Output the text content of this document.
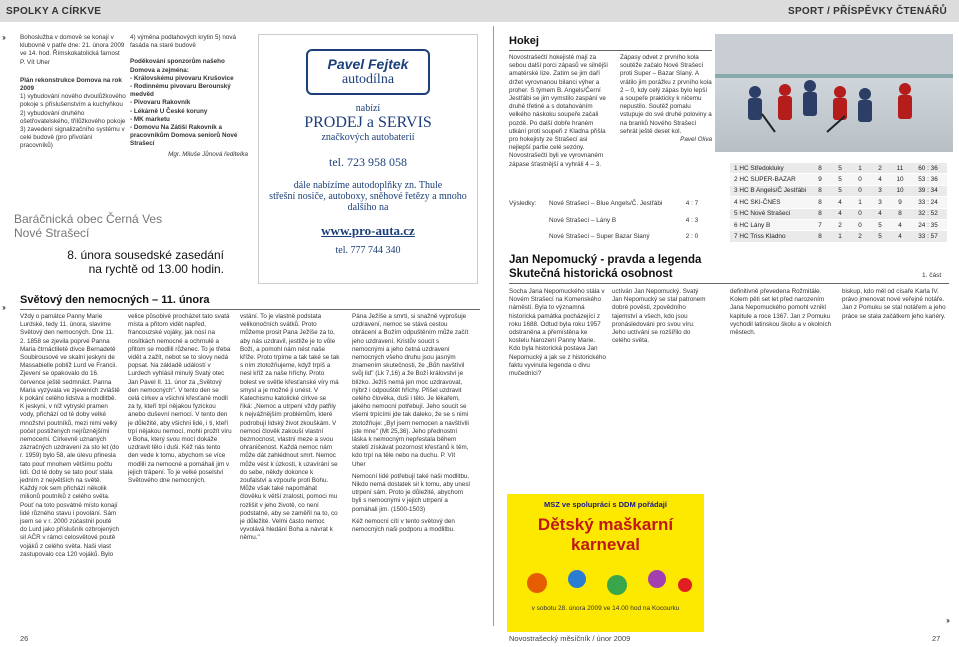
SPOLKY A CÍRKVE	SPORT / PŘÍSPĚVKY ČTENÁŘŮ
›››
›››
›››

Bohoslužba v domově se konají v klubovně v patře dne: 21. února 2009 ve 14. hod. Římskokatolická farnost P. Vít Uher

Plán rekonstrukce Domova na rok 2009

1) vybudování nového dvoulůžkového pokoje s příslušenstvím a kuchyňkou

2) vybudování druhého ošetřovatelského, třílůžkového pokoje

3) zavedení signalizačního systému v celé budově (pro přivolání pracovníků)

4) výměna podlahových krytin 5) nová fasáda na staré budově

Poděkování sponzorům našeho Domova a zejména:

- Královskému pivovaru Krušovice

- Rodinnému pivovaru Berounský medvěd

- Pivovaru Rakovník

- Lékárně U České koruny

- MK marketu

- Domovu Na Zátiší Rakovník a pracovníkům Domova seniorů Nové Strašecí

Mgr. Miluše Jůnová ředitelka

Baráčnická obec Černá Ves
Nové Strašecí
8. února sousedské zasedání
na rychtě od 13.00 hodin.
Pavel Fejtek
autodílna
nabízí
PRODEJ a SERVIS
značkových autobaterií
tel. 723 958 058
dále nabízíme autodoplňky zn. Thule
střešní nosiče, autoboxy, sněhové řetězy a mnoho dalšího na
www.pro-auta.cz
tel. 777 744 340
Světový den nemocných – 11. února

Vždy o památce Panny Marie Lurdské, tedy 11. února, slavíme Světový den nemocných. Dne 11. 2. 1858 se zjevila poprvé Panna Maria čtrnáctileté dívce Bernadetě Soubirousové ve skalní jeskyni de Massabielle poblíž Lurd ve Francii. Zjevení se opakovalo do 16. července ještě sedmnáct. Panna Maria vyzývala ve zjeveních zvláště k pokání celého lidstva a modlitbě. K jeskyni, v níž vytryskl pramen vody, přichází od té doby velké množství poutníků, mezi nimi velký počet postižených nejrůznějšími nemocemi. Církevně uznaných zázračných uzdravení za sto let (do r. 1959) bylo 58, ale úlevu přinesla tato pouť mnohem většímu počtu lidí. Od té doby se tato pouť stala jedním z největších na světě. Každý rok sem přichází několik milionů poutníků z celého světa. Pouť na toto posvátné místo konají lidé různého stavu i povolání. Sám jsem se v r. 2000 zúčastnil poutě do Lurd jako příslušník ozbrojených sil AČR v rámci celosvětové poutě vojáků z celého světa. Naši vlast zastupovalo cca 120 vojáků. Bylo

velice působivé procházet tato svatá místa a přitom vidět napřed, francouzské vojáky, jak nosí na nosítkách nemocné a ochrnulé a přitom se modlili růženec. To je třeba vidět a zažít, nebot se to slovy nedá popsat. Na základě událostí v Lurdech vyhlásil minulý Svatý otec Jan Pavel II. 11. únor za „Světový den nemocných". V tento den se celá církev a všichni křesťané modlí za ty, kteří trpí nějakou fyzickou anebo duševní nemocí. V tento den je důležité, aby všichni lidé, i ti, kteří trpí nějakou nemocí, mohli prožít víru v Boha, který svou mocí dokáže uzdravit tělo i duši. Kéž nás tento den vede k tomu, abychom se více modlili za nemocné a pomáhali jim v jejich trápení. To je velké poselství Světového dne nemocných.

vstání. To je vlastně podstata velikonočních svátků. Proto můžeme prosit Pana Ježíše za to, aby nás uzdravil, jestliže je to vůle Boží, a pomohl nám nést naše kříže. Proto trpíme a tak také se tak s ním ztotožňujeme, když trpíš a nesl kříž za naše hříchy. Proto bolest ve světle křesťanské víry má smysl a je možné ji unést. V Katechismu katolické církve se říká: „Nemoc a utrpení vždy patřily k nejvážnějším problémům, které podrobují lidský život zkouškám. V nemoci člověk zakouší vlastní bezmocnost, vlastní meze a svou ohraničenost. Každá nemoc nám může dát zahlédnout smrt. Nemoc může vést k úzkosti, k uzavírání se do sebe, někdy dokonce k zoufalství a vzpouře proti Bohu. Může však také napomáhat člověku k větší zralosti, pomoci mu rozlišit v jeho životě, co není podstatné, aby se zaměřil na to, co je důležité. Velmi často nemoc vyvolává hledání Boha a návrat k němu."

Pána Ježíše a smrti, si snažně vyprošuje uzdravení, nemoc se stává cestou obrácení a Božím odpuštěním může začít jeho uzdravení. Kristův soucit s nemocnými a jeho četná uzdravení nemocných všeho druhu jsou jasným znamením skutečnosti, že „Bůh navštívil svůj lid" (Lk 7,16) a že Boží království je blízko. Ježíš nemá jen moc uzdravovat, nýbrž i odpouštět hříchy. Přišel uzdravit celého člověka, duši i tělo. Je lékařem, jakého nemocní potřebují. Jeho soucit se všemi trpícími jde tak daleko, že se s nimi ztotožňuje: „Byl jsem nemocen a navštívili jste mne" (Mt 25,36). Jeho přednostní láska k nemocným nepřestala během staletí získávat pozornost křesťanů k těm, kdo trpí na těle nebo na duchu. P. Vít Uher

Nemocní lidé potřebují také naši modlitbu. Nikdo nemá dostatek sil k tomu, aby unesl utrpení sám. Proto je důležité, abychom byli s nemocnými v jejich utrpení a pomáhali jim. (1500-1503)

Kéž nemocní cítí v tento světový den nemocných naši podporu a modlitbu.

Hokej

Novostrašečtí hokejisté mají za sebou další porci zápasů ve silnější amatérské lize. Zatím se jim daří držet vyrovnanou bilanci výher a proher. S týmem B. Angels/Černí Jestřábi se jim vymstilo zaspání ve druhé třetině a s dotahováním velkého náskoku soupeře začali pozdě. Po další dobře hraném utkání proti soupeři z Kladna přišla pro hokejisty ze Strašecí asi nejlepší partie celé sezóny. Novostrašečtí byli ve vyrovnaném zápase šťastnější a vyhráli 4 – 3.

Zápasy odvet z prvního kola soutěže začalo Nové Strašecí proti Super – Bazar Slaný. A vrátilo jim porážku z prvního kola 2 – 0, kdy celý zápas bylo lepší a soupeře prakticky k ničemu nepustilo. Soutěž pomalu vstupuje do své druhé poloviny a na branků Nového Strašecí sehrát ještě deset kol.

Pavel Oliva

Výsledky:	Nové Strašecí – Blue Angels/Č. Jestřábi	4 : 7
Nové Strašecí – Lány B	4 : 3
Nové Strašecí – Super Bazar Slaný	2 : 0
1 HC Středokluky	8	5	1	2	11	60 : 36
2 HC SUPER-BAZAR	9	5	0	4	10	53 : 36
3 HC B Angels/Č Jestřábi	8	5	0	3	10	39 : 34
4 HC SKI-ČNES	8	4	1	3	9	33 : 24
5 HC Nové Strašecí	8	4	0	4	8	32 : 52
6 HC Lány B	7	2	0	5	4	24 : 35
7 HC Triss Kladno	8	1	2	5	4	33 : 57
Jan Nepomucký - pravda a legenda
Skutečná historická osobnost	1. část

Socha Jana Nepomuckého stála v Novém Strašecí na Komenského náměstí. Byla to významná historická památka pocházející z roku 1688. Odtud byla roku 1957 odstraněna a přemístěna ke kostelu Narození Panny Marie. Kdo byla historická postava Jan Nepomucký a jak se z historického faktu vyvinula legenda o divu mučedníci?

uctíván Jan Nepomucký. Svatý Jan Nepomucký se stal patronem dobré pověsti, zpovědního tajemství a všech, kdo jsou pronásledováni pro svou víru. Jeho uctívání se rozšířilo do celého světa.

definitivně převedena Rožmitále. Kolem pěti set let před narozením Jana Nepomuckého pomohl vznikl kapitule a roce 1367. Jan z Pomuku vychodil latinskou školu a v okolních městech.

biskup, kdo měl od císaře Karla IV. právo jmenovat nové veřejné notáře. Jan z Pomuku se stal notářem a jeho práce se stala začátkem jeho kariéry.

MSZ ve spolupráci s DDM pořádají
Dětský maškarní
karneval
v sobotu 28. února 2009 ve 14.00 hod na Kocourku
26	Novostrašecký měsíčník / únor 2009	27
